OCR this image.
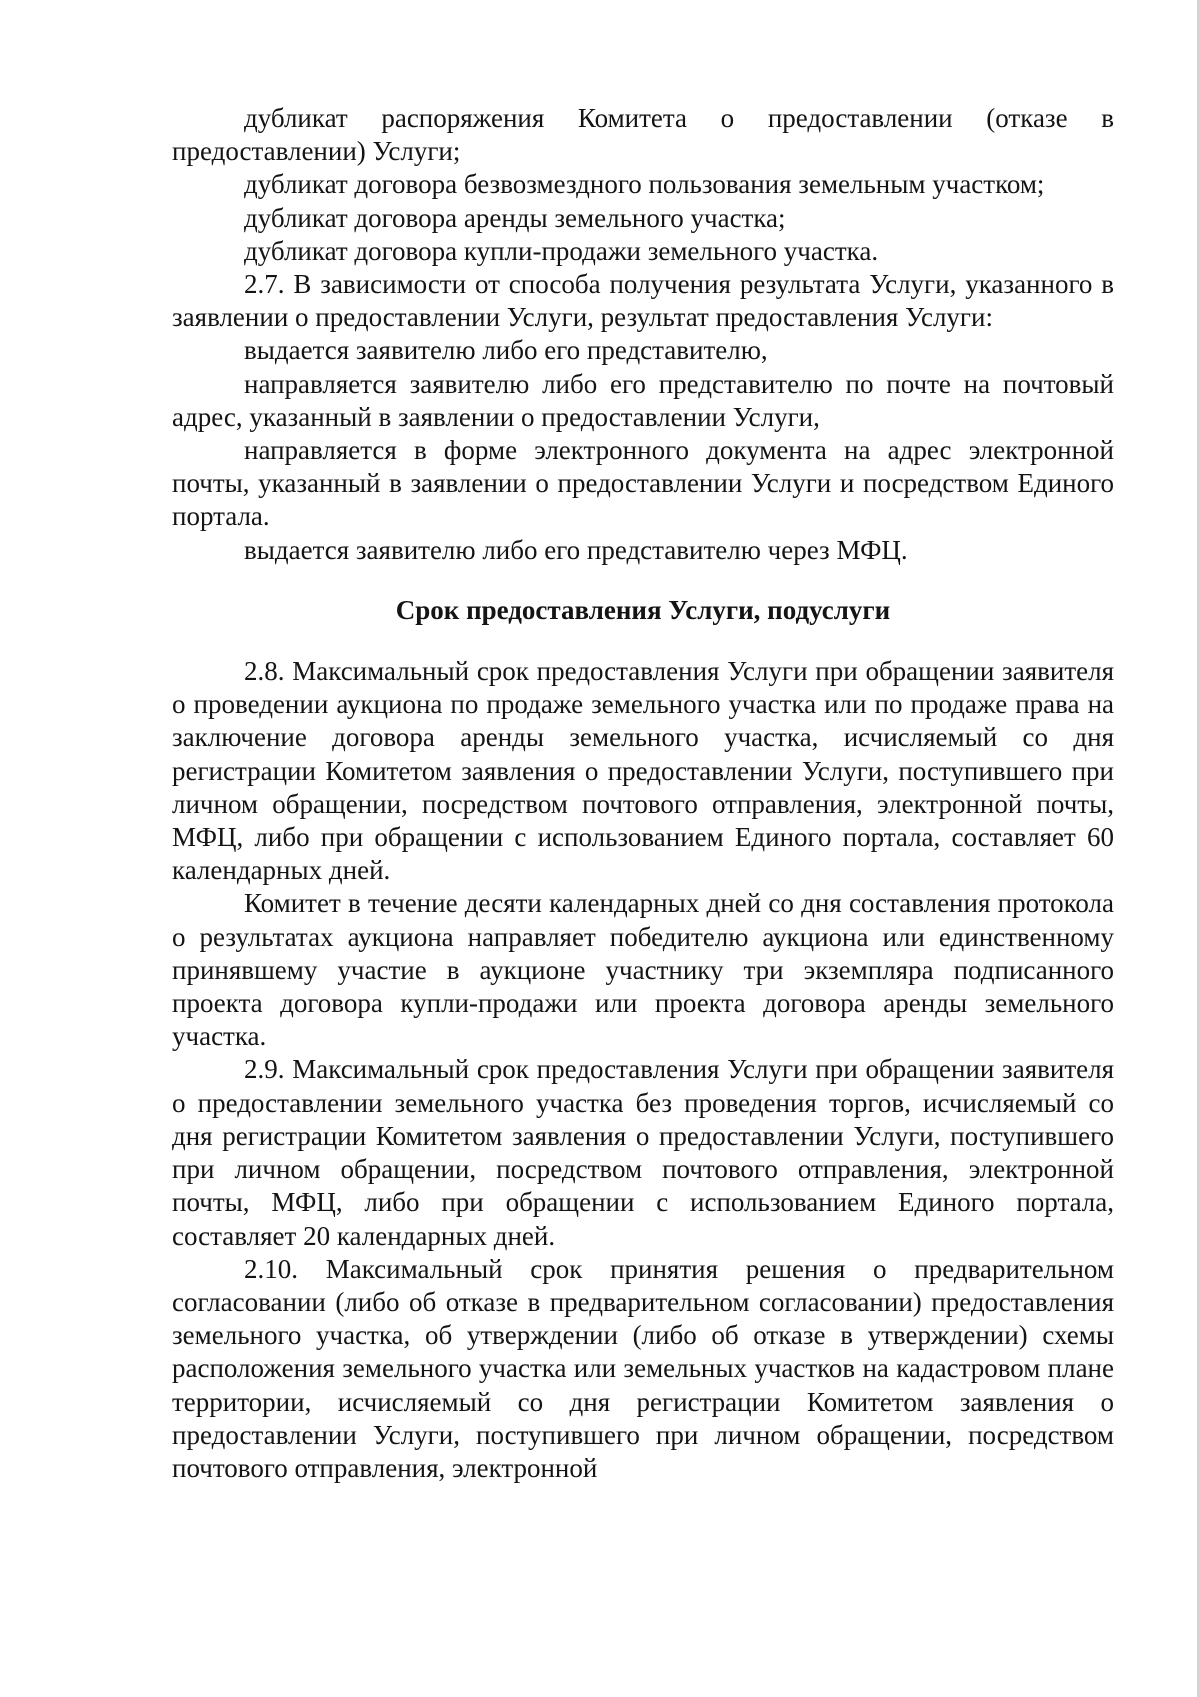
дубликат распоряжения Комитета о предоставлении (отказе в предоставлении) Услуги;

дубликат договора безвозмездного пользования земельным участком;

дубликат договора аренды земельного участка;

дубликат договора купли-продажи земельного участка.

2.7. В зависимости от способа получения результата Услуги, указанного в заявлении о предоставлении Услуги, результат предоставления Услуги:

выдается заявителю либо его представителю,

направляется заявителю либо его представителю по почте на почтовый адрес, указанный в заявлении о предоставлении Услуги,

направляется в форме электронного документа на адрес электронной почты, указанный в заявлении о предоставлении Услуги и посредством Единого портала.

выдается заявителю либо его представителю через МФЦ.

Срок предоставления Услуги, подуслуги

2.8. Максимальный срок предоставления Услуги при обращении заявителя о проведении аукциона по продаже земельного участка или по продаже права на заключение договора аренды земельного участка, исчисляемый со дня регистрации Комитетом заявления о предоставлении Услуги, поступившего при личном обращении, посредством почтового отправления, электронной почты, МФЦ, либо при обращении с использованием Единого портала, составляет 60 календарных дней.

Комитет в течение десяти календарных дней со дня составления протокола о результатах аукциона направляет победителю аукциона или единственному принявшему участие в аукционе участнику три экземпляра подписанного проекта договора купли-продажи или проекта договора аренды земельного участка.

2.9. Максимальный срок предоставления Услуги при обращении заявителя о предоставлении земельного участка без проведения торгов, исчисляемый со дня регистрации Комитетом заявления о предоставлении Услуги, поступившего при личном обращении, посредством почтового отправления, электронной почты, МФЦ, либо при обращении с использованием Единого портала, составляет 20 календарных дней.

2.10. Максимальный срок принятия решения о предварительном согласовании (либо об отказе в предварительном согласовании) предоставления земельного участка, об утверждении (либо об отказе в утверждении) схемы расположения земельного участка или земельных участков на кадастровом плане территории, исчисляемый со дня регистрации Комитетом заявления о предоставлении Услуги, поступившего при личном обращении, посредством почтового отправления, электронной
